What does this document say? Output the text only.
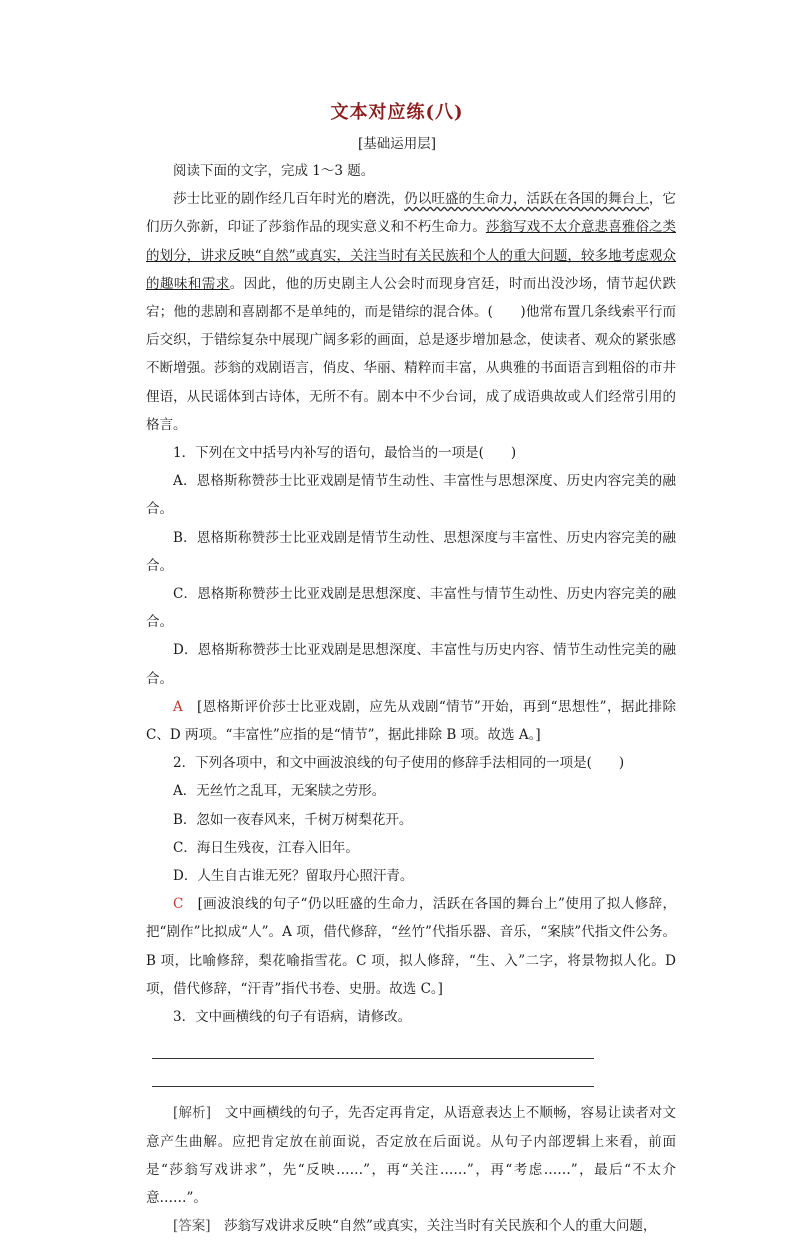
文本对应练(八)
[基础运用层]

阅读下面的文字，完成 1～3 题。

莎士比亚的剧作经几百年时光的磨洗，仍以旺盛的生命力，活跃在各国的舞台上，它们历久弥新，印证了莎翁作品的现实意义和不朽生命力。莎翁写戏不太介意悲喜雅俗之类的划分，讲求反映“自然”或真实，关注当时有关民族和个人的重大问题，较多地考虑观众的趣味和需求。因此，他的历史剧主人公会时而现身宫廷，时而出没沙场，情节起伏跌宕；他的悲剧和喜剧都不是单纯的，而是错综的混合体。(　　)他常布置几条线索平行而后交织，于错综复杂中展现广阔多彩的画面，总是逐步增加悬念，使读者、观众的紧张感不断增强。莎翁的戏剧语言，俏皮、华丽、精粹而丰富，从典雅的书面语言到粗俗的市井俚语，从民谣体到古诗体，无所不有。剧本中不少台词，成了成语典故或人们经常引用的格言。

1．下列在文中括号内补写的语句，最恰当的一项是(　　)

A．恩格斯称赞莎士比亚戏剧是情节生动性、丰富性与思想深度、历史内容完美的融合。

B．恩格斯称赞莎士比亚戏剧是情节生动性、思想深度与丰富性、历史内容完美的融合。

C．恩格斯称赞莎士比亚戏剧是思想深度、丰富性与情节生动性、历史内容完美的融合。

D．恩格斯称赞莎士比亚戏剧是思想深度、丰富性与历史内容、情节生动性完美的融合。

A　 [恩格斯评价莎士比亚戏剧，应先从戏剧“情节”开始，再到“思想性”，据此排除 C、D 两项。“丰富性”应指的是“情节”，据此排除 B 项。故选 A。]

2．下列各项中，和文中画波浪线的句子使用的修辞手法相同的一项是(　　)

A．无丝竹之乱耳，无案牍之劳形。

B．忽如一夜春风来，千树万树梨花开。

C．海日生残夜，江春入旧年。

D．人生自古谁无死？留取丹心照汗青。

C　 [画波浪线的句子“仍以旺盛的生命力，活跃在各国的舞台上”使用了拟人修辞，把“剧作”比拟成“人”。A 项，借代修辞，“丝竹”代指乐器、音乐，“案牍”代指文件公务。B 项，比喻修辞，梨花喻指雪花。C 项，拟人修辞，“生、入”二字，将景物拟人化。D 项，借代修辞，“汗青”指代书卷、史册。故选 C。]

3．文中画横线的句子有语病，请修改。

[解析]　 文中画横线的句子，先否定再肯定，从语意表达上不顺畅，容易让读者对文意产生曲解。应把肯定放在前面说，否定放在后面说。从句子内部逻辑上来看，前面是“莎翁写戏讲求”，先“反映……”，再“关注……”，再“考虑……”，最后“不太介意……”。

[答案]　 莎翁写戏讲求反映“自然”或真实，关注当时有关民族和个人的重大问题，
